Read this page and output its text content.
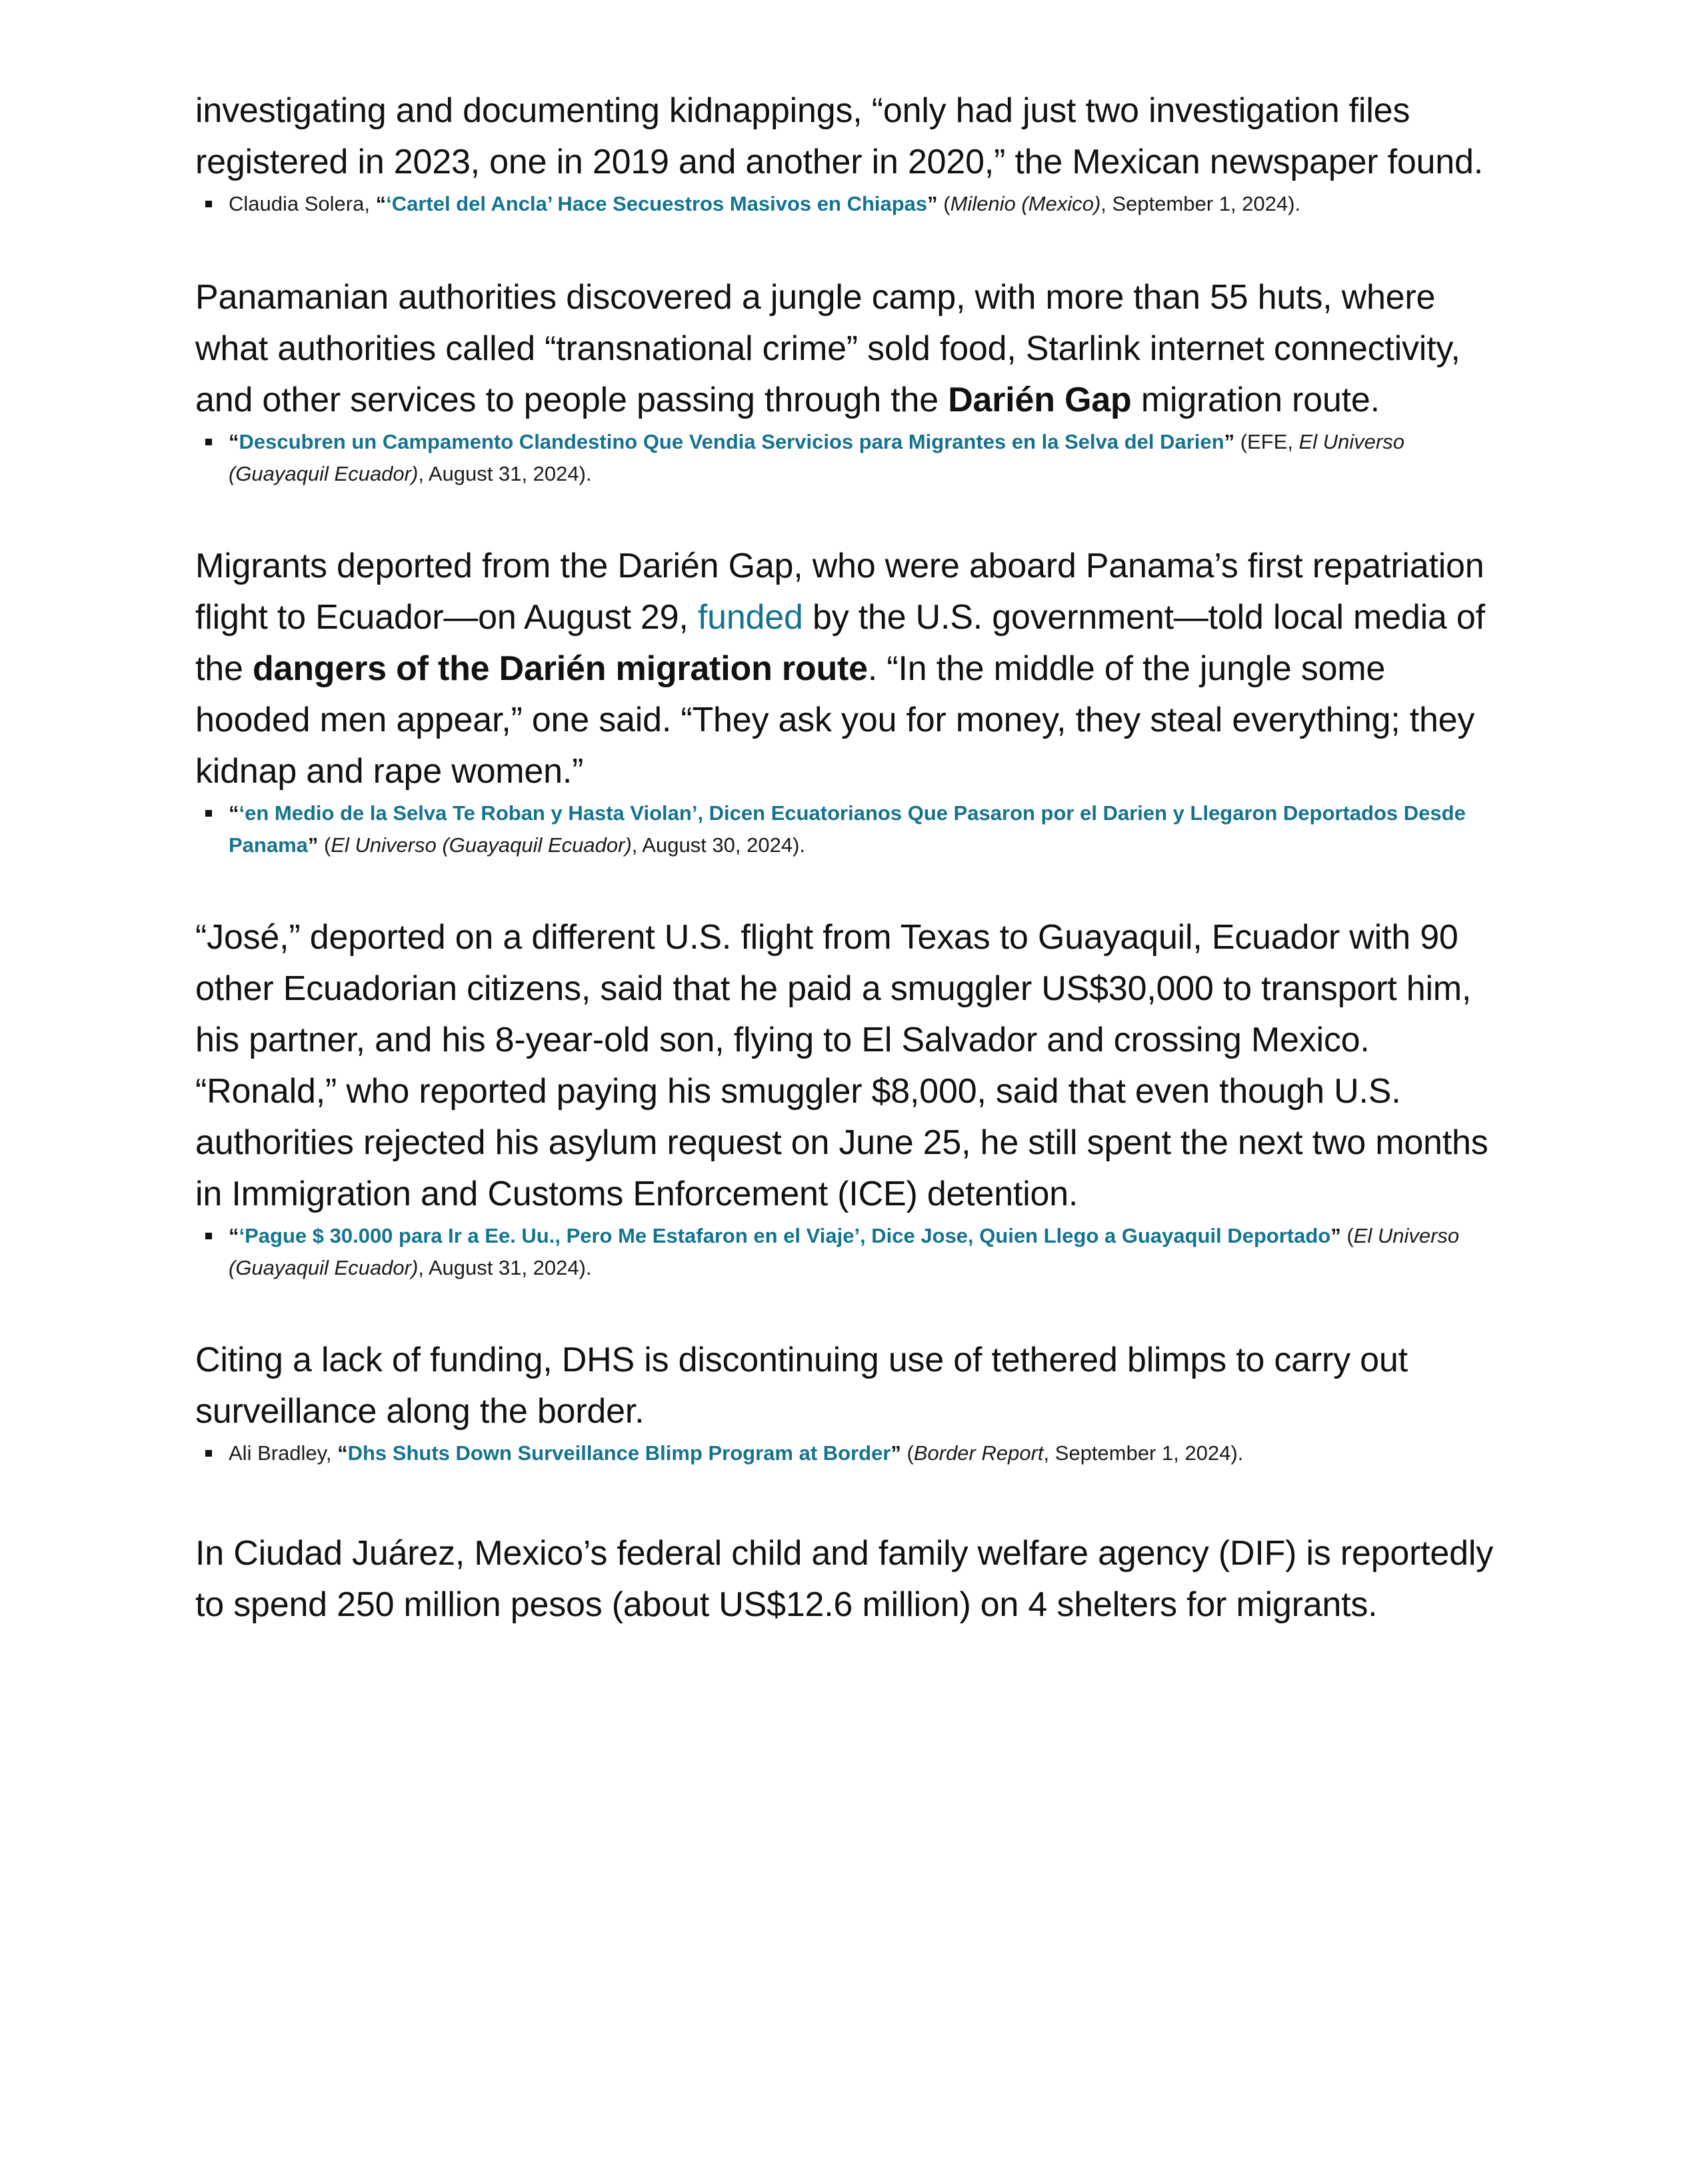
investigating and documenting kidnappings, “only had just two investigation files registered in 2023, one in 2019 and another in 2020,” the Mexican newspaper found.

Claudia Solera, “‘Cartel del Ancla’ Hace Secuestros Masivos en Chiapas” (Milenio (Mexico), September 1, 2024).

Panamanian authorities discovered a jungle camp, with more than 55 huts, where what authorities called “transnational crime” sold food, Starlink internet connectivity, and other services to people passing through the Darién Gap migration route.

“Descubren un Campamento Clandestino Que Vendia Servicios para Migrantes en la Selva del Darien” (EFE, El Universo (Guayaquil Ecuador), August 31, 2024).

Migrants deported from the Darién Gap, who were aboard Panama’s first repatriation flight to Ecuador—on August 29, funded by the U.S. government—told local media of the dangers of the Darién migration route. “In the middle of the jungle some hooded men appear,” one said. “They ask you for money, they steal everything; they kidnap and rape women.”

“‘en Medio de la Selva Te Roban y Hasta Violan’, Dicen Ecuatorianos Que Pasaron por el Darien y Llegaron Deportados Desde Panama” (El Universo (Guayaquil Ecuador), August 30, 2024).

“José,” deported on a different U.S. flight from Texas to Guayaquil, Ecuador with 90 other Ecuadorian citizens, said that he paid a smuggler US$30,000 to transport him, his partner, and his 8-year-old son, flying to El Salvador and crossing Mexico. “Ronald,” who reported paying his smuggler $8,000, said that even though U.S. authorities rejected his asylum request on June 25, he still spent the next two months in Immigration and Customs Enforcement (ICE) detention.

“‘Pague $ 30.000 para Ir a Ee. Uu., Pero Me Estafaron en el Viaje’, Dice Jose, Quien Llego a Guayaquil Deportado” (El Universo (Guayaquil Ecuador), August 31, 2024).

Citing a lack of funding, DHS is discontinuing use of tethered blimps to carry out surveillance along the border.

Ali Bradley, “Dhs Shuts Down Surveillance Blimp Program at Border” (Border Report, September 1, 2024).

In Ciudad Juárez, Mexico’s federal child and family welfare agency (DIF) is reportedly to spend 250 million pesos (about US$12.6 million) on 4 shelters for migrants.
